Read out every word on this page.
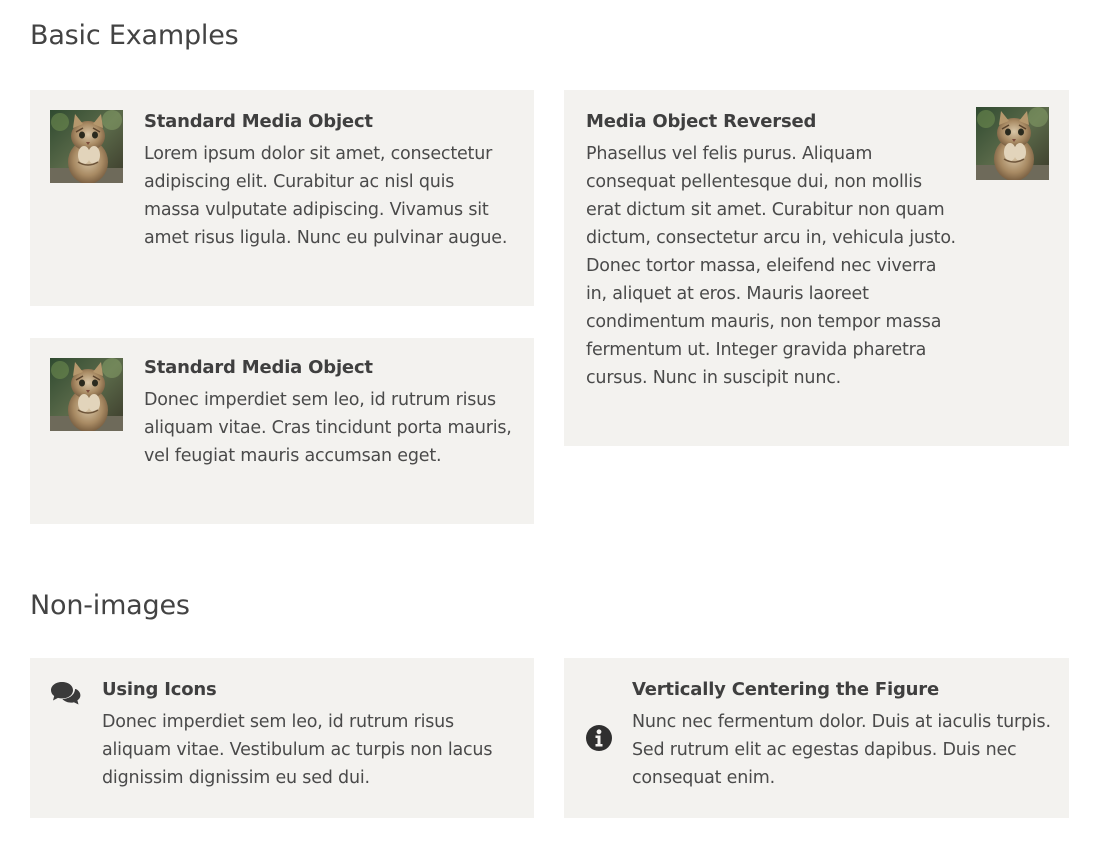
Basic Examples
Standard Media Object

Lorem ipsum dolor sit amet, consectetur adipiscing elit. Curabitur ac nisl quis massa vulputate adipiscing. Vivamus sit amet risus ligula. Nunc eu pulvinar augue.

Standard Media Object

Donec imperdiet sem leo, id rutrum risus aliquam vitae. Cras tincidunt porta mauris, vel feugiat mauris accumsan eget.

Media Object Reversed

Phasellus vel felis purus. Aliquam consequat pellentesque dui, non mollis erat dictum sit amet. Curabitur non quam dictum, consectetur arcu in, vehicula justo. Donec tortor massa, eleifend nec viverra in, aliquet at eros. Mauris laoreet condimentum mauris, non tempor massa fermentum ut. Integer gravida pharetra cursus. Nunc in suscipit nunc.

Non-images
Using Icons

Donec imperdiet sem leo, id rutrum risus aliquam vitae. Vestibulum ac turpis non lacus dignissim dignissim eu sed dui.

Vertically Centering the Figure

Nunc nec fermentum dolor. Duis at iaculis turpis. Sed rutrum elit ac egestas dapibus. Duis nec consequat enim.
